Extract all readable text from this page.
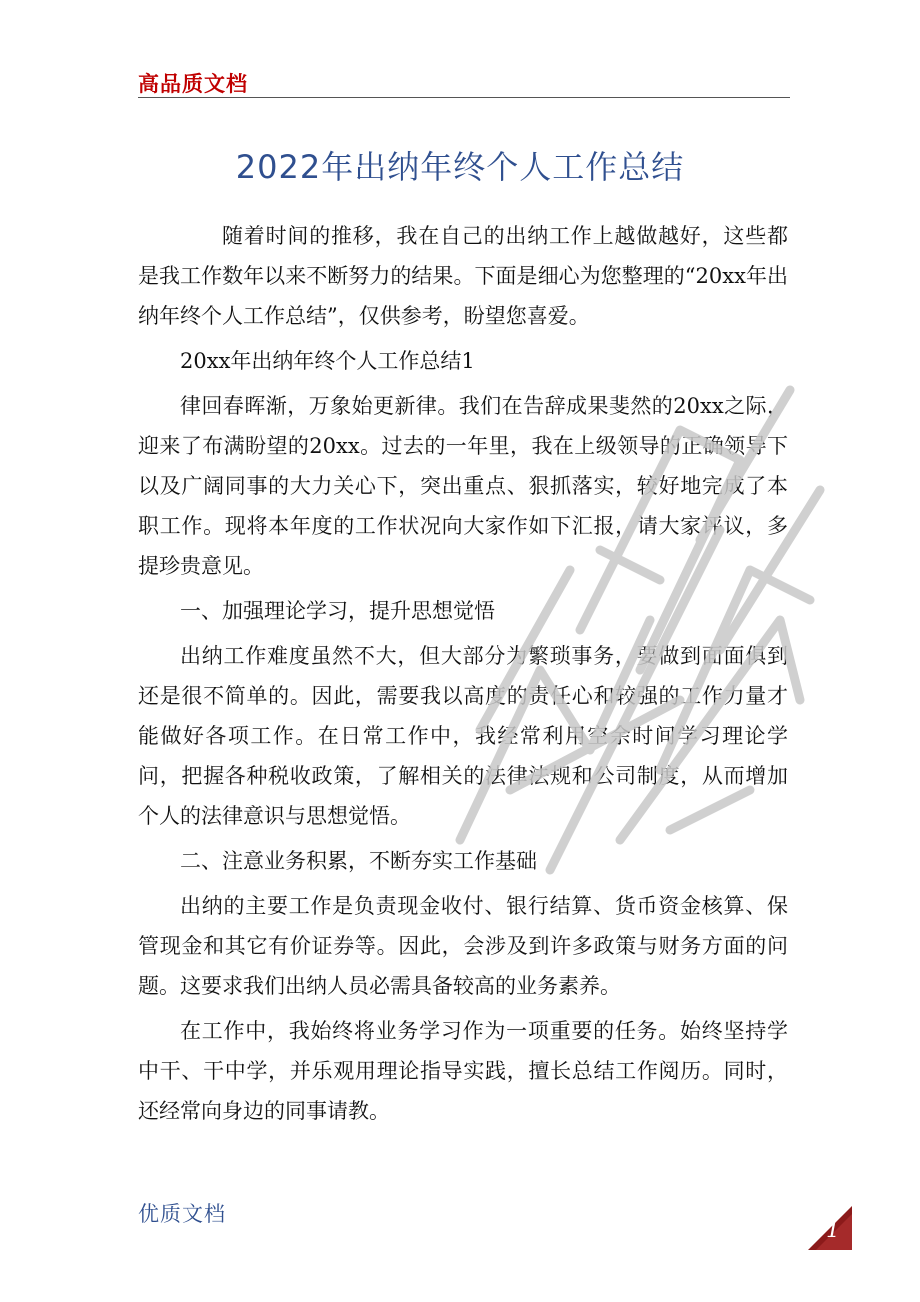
高品质文档
2022年出纳年终个人工作总结

随着时间的推移，我在自己的出纳工作上越做越好，这些都是我工作数年以来不断努力的结果。下面是细心为您整理的“20xx年出纳年终个人工作总结”，仅供参考，盼望您喜爱。

20xx年出纳年终个人工作总结1

律回春晖渐，万象始更新律。我们在告辞成果斐然的20xx之际，迎来了布满盼望的20xx。过去的一年里，我在上级领导的正确领导下以及广阔同事的大力关心下，突出重点、狠抓落实，较好地完成了本职工作。现将本年度的工作状况向大家作如下汇报，请大家评议，多提珍贵意见。

一、加强理论学习，提升思想觉悟

出纳工作难度虽然不大，但大部分为繁琐事务，要做到面面俱到还是很不简单的。因此，需要我以高度的责任心和较强的工作力量才能做好各项工作。在日常工作中，我经常利用空余时间学习理论学问，把握各种税收政策，了解相关的法律法规和公司制度，从而增加个人的法律意识与思想觉悟。

二、注意业务积累，不断夯实工作基础

出纳的主要工作是负责现金收付、银行结算、货币资金核算、保管现金和其它有价证券等。因此，会涉及到许多政策与财务方面的问题。这要求我们出纳人员必需具备较高的业务素养。

在工作中，我始终将业务学习作为一项重要的任务。始终坚持学中干、干中学，并乐观用理论指导实践，擅长总结工作阅历。同时，还经常向身边的同事请教。

优质文档
1
